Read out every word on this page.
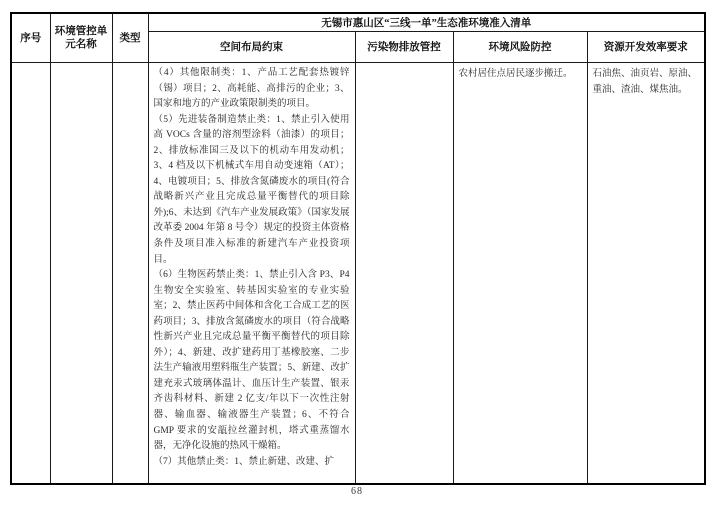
序号	环境管控单元名称	类型	无锡市惠山区“三线一单”生态准环境准入清单			
			空间布局约束	污染物排放管控	环境风险防控	资源开发效率要求

			（4）其他限制类：1、产品工艺配套热镀锌（锡）项目；2、高耗能、高排污的企业；3、国家和地方的产业政策限制类的项目。

（5）先进装备制造禁止类：1、禁止引入使用高 VOCs 含量的溶剂型涂料（油漆）的项目；2、排放标准国三及以下的机动车用发动机；3、4 档及以下机械式车用自动变速箱（AT）；4、电镀项目；5、排放含氮磷废水的项目(符合战略新兴产业且完成总量平衡替代的项目除外);6、未达到《汽车产业发展政策》（国家发展改革委 2004 年第 8 号令）规定的投资主体资格条件及项目准入标准的新建汽车产业投资项目。

（6）生物医药禁止类：1、禁止引入含 P3、P4 生物安全实验室、转基因实验室的专业实验室；2、禁止医药中间体和含化工合成工艺的医药项目；3、排放含氮磷废水的项目（符合战略性新兴产业且完成总量平衡平衡替代的项目除外）；4、新建、改扩建药用丁基橡胶塞、二步法生产输液用塑料瓶生产装置；5、新建、改扩建充汞式玻璃体温计、血压计生产装置、银汞齐齿科材料、新建 2 亿支/年以下一次性注射器、输血器、输液器生产装置；6、不符合 GMP 要求的安瓿拉丝灌封机，塔式重蒸馏水器，无净化设施的热风干燥箱。

（7）其他禁止类：1、禁止新建、改建、扩		农村居住点居民逐步搬迁。	石油焦、油页岩、原油、重油、渣油、煤焦油。
68
